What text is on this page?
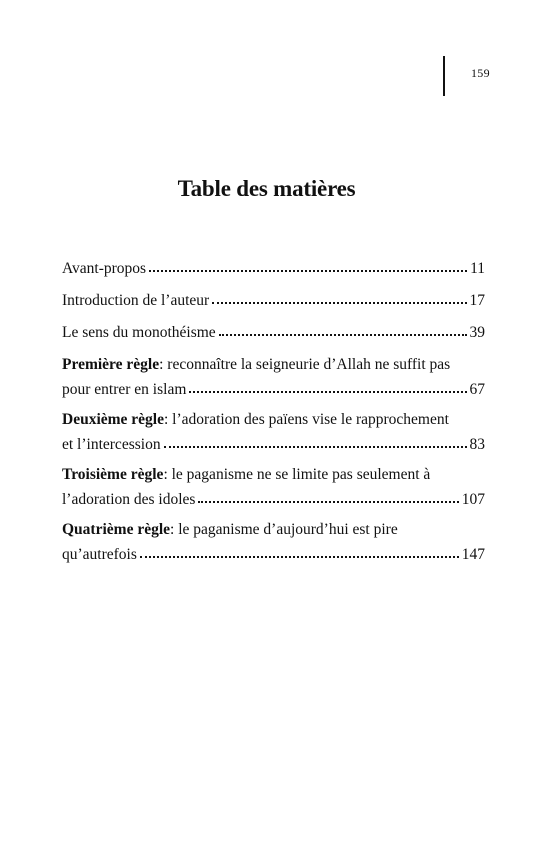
159
Table des matières
Avant-propos	11
Introduction de l’auteur	17
Le sens du monothéisme	39
Première règle: reconnaître la seigneurie d’Allah ne suffit pas
pour entrer en islam	67
Deuxième règle: l’adoration des païens vise le rapprochement
et l’intercession	83
Troisième règle: le paganisme ne se limite pas seulement à
l’adoration des idoles	107
Quatrième règle: le paganisme d’aujourd’hui est pire
qu’autrefois	147
